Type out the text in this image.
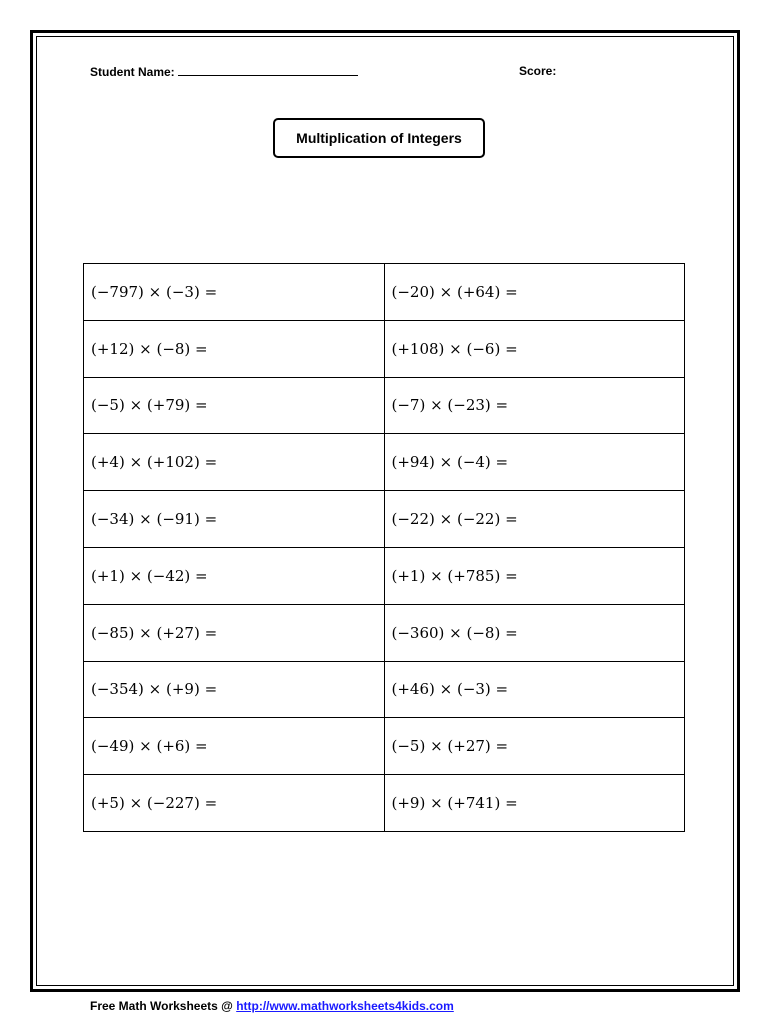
Student Name:	Score:
Multiplication of Integers
(−797) × (−3) =	(−20) × (+64) =
(+12) × (−8) =	(+108) × (−6) =
(−5) × (+79) =	(−7) × (−23) =
(+4) × (+102) =	(+94) × (−4) =
(−34) × (−91) =	(−22) × (−22) =
(+1) × (−42) =	(+1) × (+785) =
(−85) × (+27) =	(−360) × (−8) =
(−354) × (+9) =	(+46) × (−3) =
(−49) × (+6) =	(−5) × (+27) =
(+5) × (−227) =	(+9) × (+741) =
Free Math Worksheets @ http://www.mathworksheets4kids.com
